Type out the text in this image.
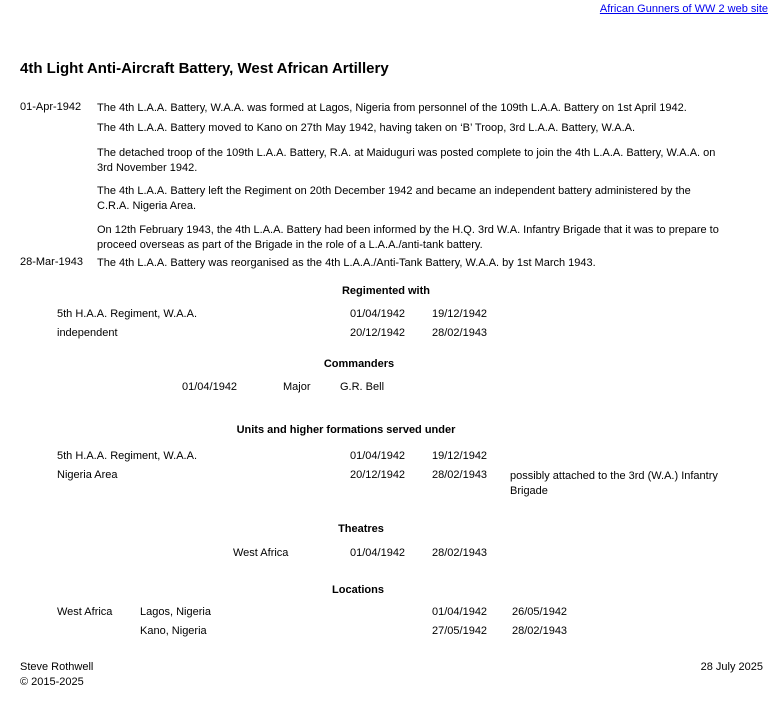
African Gunners of WW 2 web site
4th Light Anti-Aircraft Battery, West African Artillery
01-Apr-1942 The 4th L.A.A. Battery, W.A.A. was formed at Lagos, Nigeria from personnel of the 109th L.A.A. Battery on 1st April 1942.
The 4th L.A.A. Battery moved to Kano on 27th May 1942, having taken on ‘B’ Troop, 3rd L.A.A. Battery, W.A.A.
The detached troop of the 109th L.A.A. Battery, R.A. at Maiduguri was posted complete to join the 4th L.A.A. Battery, W.A.A. on 3rd November 1942.
The 4th L.A.A. Battery left the Regiment on 20th December 1942 and became an independent battery administered by the C.R.A. Nigeria Area.
On 12th February 1943, the 4th L.A.A. Battery had been informed by the H.Q. 3rd W.A. Infantry Brigade that it was to prepare to proceed overseas as part of the Brigade in the role of a L.A.A./anti-tank battery.
28-Mar-1943 The 4th L.A.A. Battery was reorganised as the 4th L.A.A./Anti-Tank Battery, W.A.A. by 1st March 1943.
Regimented with
5th H.A.A. Regiment, W.A.A.	01/04/1942 19/12/1942
independent	20/12/1942 28/02/1943
Commanders
01/04/1942	Major	G.R. Bell
Units and higher formations served under
5th H.A.A. Regiment, W.A.A.	01/04/1942 19/12/1942
Nigeria Area	20/12/1942 28/02/1943 possibly attached to the 3rd (W.A.) Infantry Brigade
Theatres
West Africa	01/04/1942 28/02/1943
Locations
West Africa	Lagos, Nigeria	01/04/1942 26/05/1942
Kano, Nigeria	27/05/1942 28/02/1943
Steve Rothwell
© 2015-2025
28 July 2025
